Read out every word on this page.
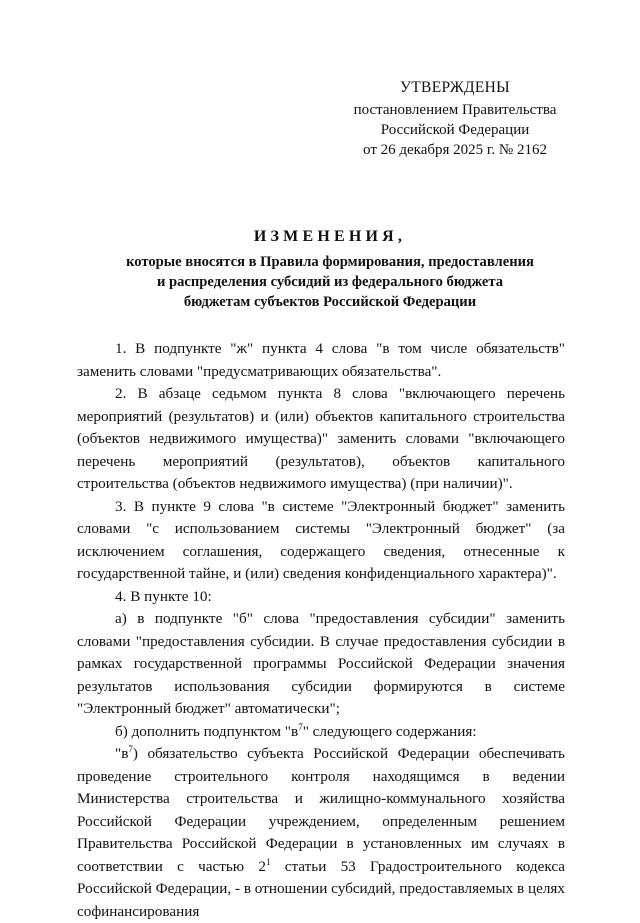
УТВЕРЖДЕНЫ
постановлением Правительства
Российской Федерации
от 26 декабря 2025 г. № 2162
ИЗМЕНЕНИЯ,
которые вносятся в Правила формирования, предоставления
и распределения субсидий из федерального бюджета
бюджетам субъектов Российской Федерации

1. В подпункте "ж" пункта 4 слова "в том числе обязательств" заменить словами "предусматривающих обязательства".

2. В абзаце седьмом пункта 8 слова "включающего перечень мероприятий (результатов) и (или) объектов капитального строительства (объектов недвижимого имущества)" заменить словами "включающего перечень мероприятий (результатов), объектов капитального строительства (объектов недвижимого имущества) (при наличии)".

3. В пункте 9 слова "в системе "Электронный бюджет" заменить словами "с использованием системы "Электронный бюджет" (за исключением соглашения, содержащего сведения, отнесенные к государственной тайне, и (или) сведения конфиденциального характера)".

4. В пункте 10:

а) в подпункте "б" слова "предоставления субсидии" заменить словами "предоставления субсидии. В случае предоставления субсидии в рамках государственной программы Российской Федерации значения результатов использования субсидии формируются в системе "Электронный бюджет" автоматически";

б) дополнить подпунктом "$в^7$" следующего содержания:

"$в^7$) обязательство субъекта Российской Федерации обеспечивать проведение строительного контроля находящимся в ведении Министерства строительства и жилищно-коммунального хозяйства Российской Федерации учреждением, определенным решением Правительства Российской Федерации в установленных им случаях в соответствии с частью $2^1$ статьи 53 Градостроительного кодекса Российской Федерации, - в отношении субсидий, предоставляемых в целях софинансирования
